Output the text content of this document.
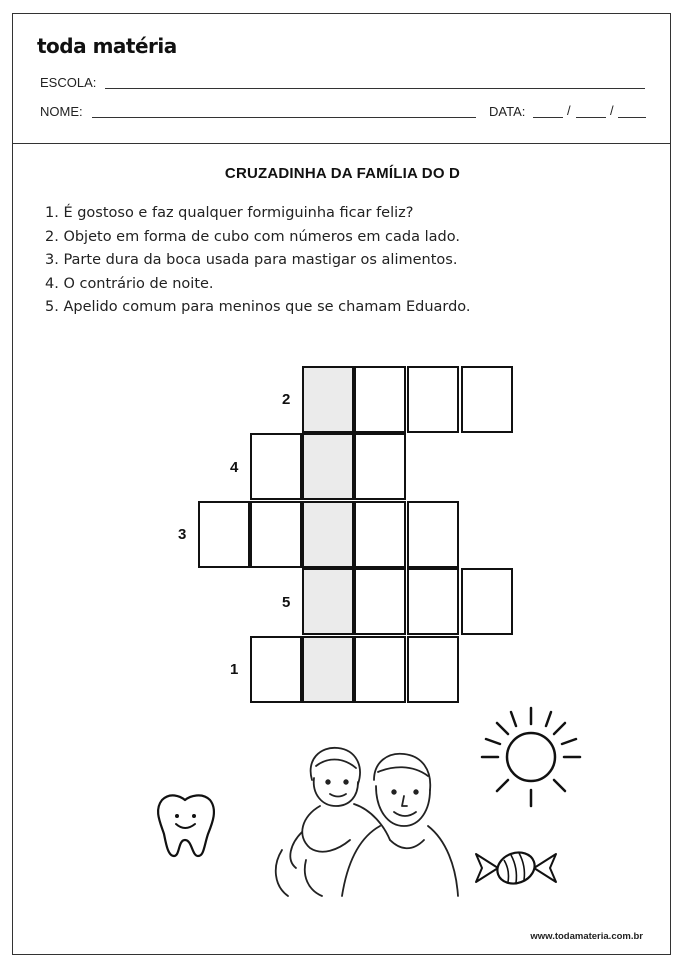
toda matéria
ESCOLA:
NOME:	DATA:	/	/
CRUZADINHA DA FAMÍLIA DO D
1. É gostoso e faz qualquer formiguinha ficar feliz?
2. Objeto em forma de cubo com números em cada lado.
3. Parte dura da boca usada para mastigar os alimentos.
4. O contrário de noite.
5. Apelido comum para meninos que se chamam Eduardo.
2
4
3
5
1
www.todamateria.com.br
